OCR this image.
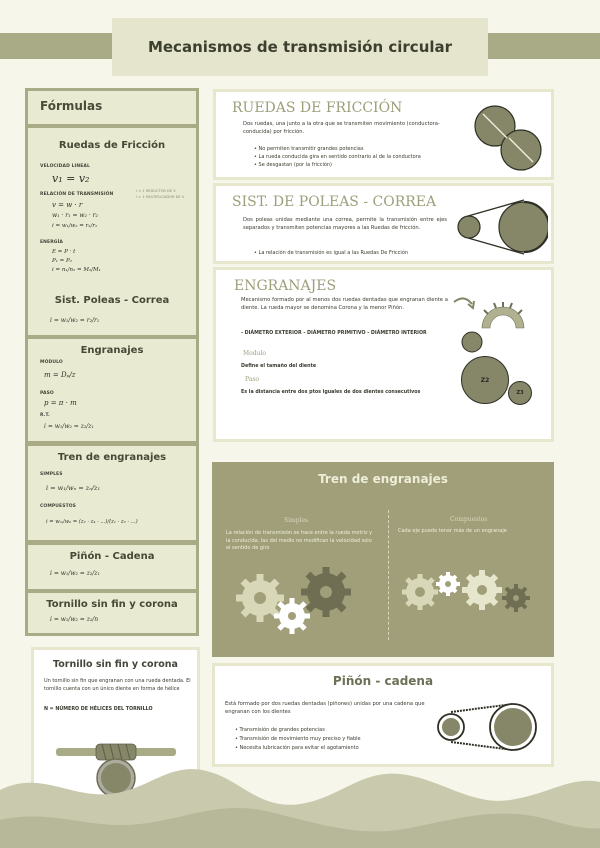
Mecanismos de transmisión circular
Fórmulas
Ruedas de Fricción
VELOCIDAD LINEAL
v₁ = v₂
RELACIÓN DE TRANSMISIÓN
i < 1 REDUCTOR DE V
i > 1 MULTIPLICADOR DE V
v = w · r
w₁ · r₁ = w₂ · r₂
i = w₁/w₂ = r₂/r₁
ENERGÍA
E = P · t
P₁ = P₂
i = n₁/n₂ = M₂/M₁
Sist. Poleas - Correa
i = w₁/w₂ = r₂/r₁
Engranajes
MÓDULO
m = Dₚ/z
PASO
p = π · m
R.T.
i = w₁/w₂ = z₂/z₁
Tren de engranajes
SIMPLES
i = w₁/wₙ = zₙ/z₁
COMPUESTOS
i = wₘ/w₀ = (z₂ · z₄ · ...)/(z₁ · z₃ · ...)
Piñón - Cadena
i = w₁/w₂ = z₂/z₁
Tornillo sin fin y corona
i = w₁/w₂ = z₂/n
RUEDAS DE FRICCIÓN
Dos ruedas, una junto a la otra que se transmiten movimiento (conductora- conducida) por fricción.
• No permiten transmitir grandes potencias
• La rueda conducida gira en sentido contrario al de la conductora
• Se desgastan (por la fricción)
SIST. DE POLEAS - CORREA
Dos poleas unidas mediante una correa, permite la transmisión entre ejes separados y transmiten potencias mayores a las Ruedas de fricción.
• La relación de transmisión es igual a las Ruedas De Fricción
ENGRANAJES
Mecanismo formado por al menos dos ruedas dentadas que engranan diente a diente. La rueda mayor se denomina Corona y la menor Piñón.
- DIÁMETRO EXTERIOR - DIÁMETRO PRIMITIVO - DIÁMETRO INTERIOR
Modulo
Define el tamaño del diente
Paso
Es la distancia entre dos ptos iguales de dos dientes consecutivos
Z2
Z3
Tren de engranajes
Simples
La relación de transmisión se hace entre la rueda motriz y la conducida, las del medio no modifican la velocidad solo el sentido de giro
Compuestos
Cada eje puede tener más de un engranaje
Piñón - cadena
Está formado por dos ruedas dentadas (piñones) unidas por una cadena que engranan con los dientes
• Transmisión de grandes potencias
• Transmisión de movimiento muy preciso y fiable
• Necesita lubricación para evitar el agotamiento
Tornillo sin fin y corona
Un tornillo sin fin que engranan con una rueda dentada. El tornillo cuenta con un único diente en forma de hélice
N = NÚMERO DE HÉLICES DEL TORNILLO
